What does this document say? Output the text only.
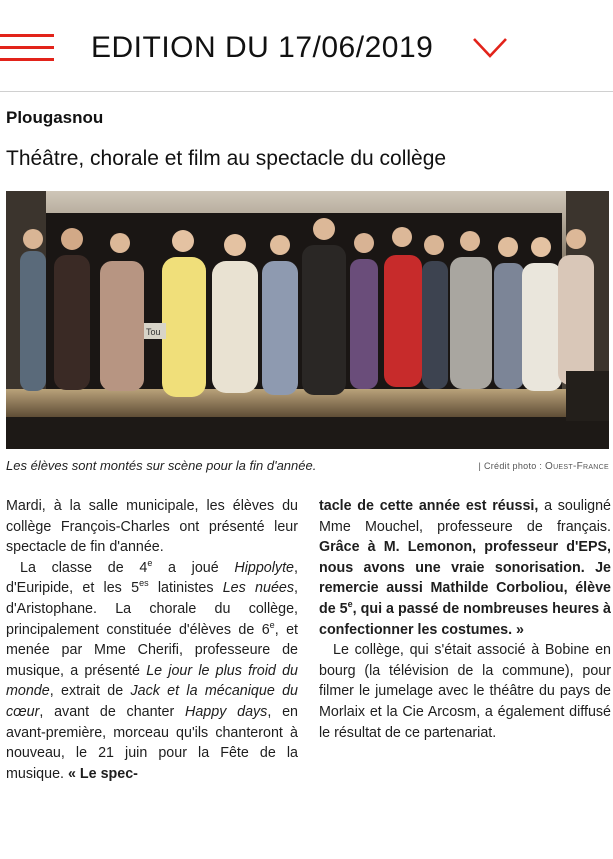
EDITION DU 17/06/2019
Plougasnou
Théâtre, chorale et film au spectacle du collège
Tou
Les élèves sont montés sur scène pour la fin d'année.	| Crédit photo : Ouest-France

Mardi, à la salle municipale, les élèves du collège François-Charles ont présenté leur spectacle de fin d'année.

La classe de 4e a joué Hippolyte, d'Euripide, et les $5^{es}$ latinistes Les nuées, d'Aristophane. La chorale du collège, principalement constituée d'élèves de 6e, et menée par Mme Cherifi, professeure de musique, a présenté Le jour le plus froid du monde, extrait de Jack et la mécanique du cœur, avant de chanter Happy days, en avant-première, morceau qu'ils chanteront à nouveau, le 21 juin pour la Fête de la musique. « Le spec-

tacle de cette année est réussi, a souligné Mme Mouchel, professeure de français. Grâce à M. Lemonon, professeur d'EPS, nous avons une vraie sonorisation. Je remercie aussi Mathilde Corboliou, élève de 5e, qui a passé de nombreuses heures à confectionner les costumes. »

Le collège, qui s'était associé à Bobine en bourg (la télévision de la commune), pour filmer le jumelage avec le théâtre du pays de Morlaix et la Cie Arcosm, a également diffusé le résultat de ce partenariat.
